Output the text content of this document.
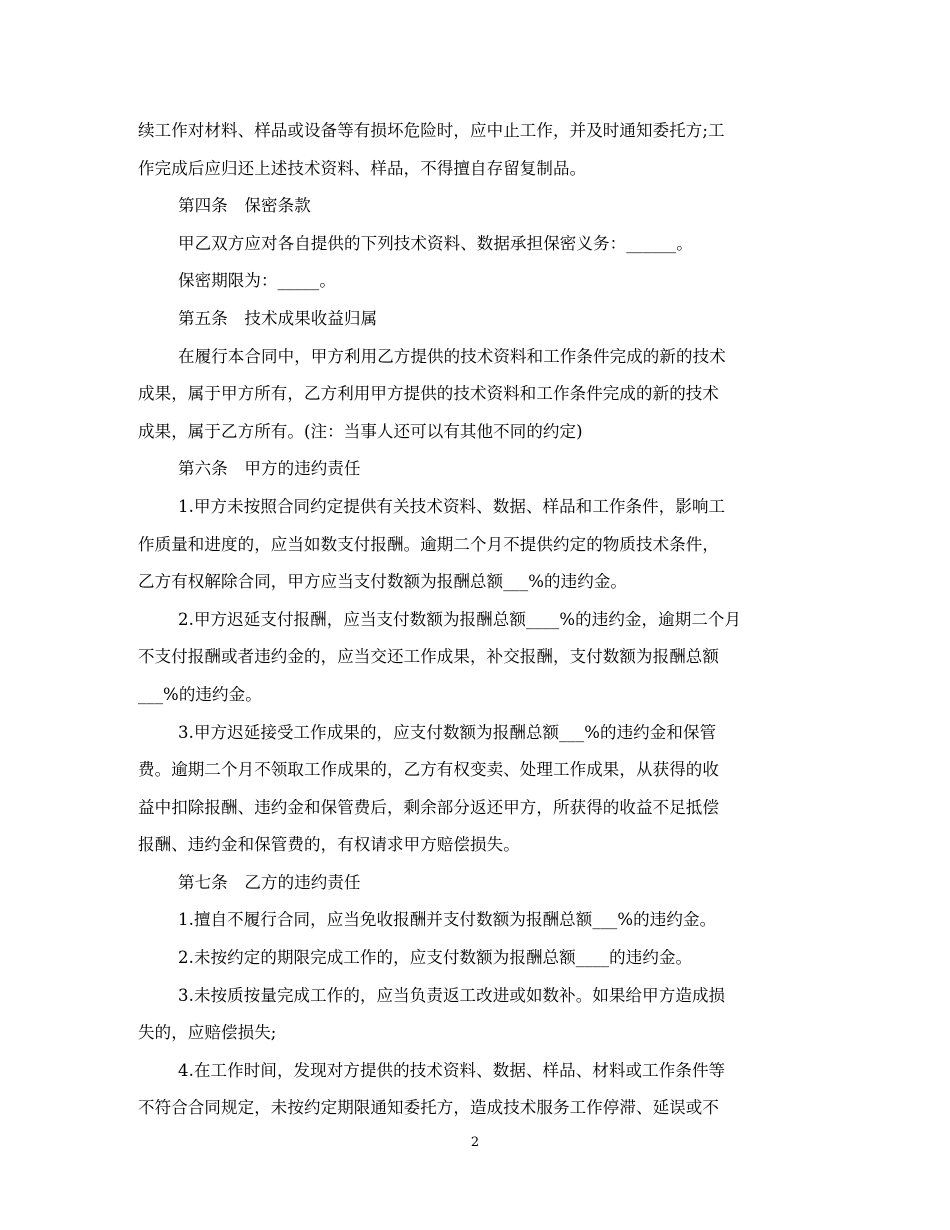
续工作对材料、样品或设备等有损坏危险时，应中止工作，并及时通知委托方;工
作完成后应归还上述技术资料、样品，不得擅自存留复制品。
第四条　保密条款
甲乙双方应对各自提供的下列技术资料、数据承担保密义务：______。
保密期限为：_____。
第五条　技术成果收益归属
在履行本合同中，甲方利用乙方提供的技术资料和工作条件完成的新的技术
成果，属于甲方所有，乙方利用甲方提供的技术资料和工作条件完成的新的技术
成果，属于乙方所有。(注：当事人还可以有其他不同的约定)
第六条　甲方的违约责任
1.甲方未按照合同约定提供有关技术资料、数据、样品和工作条件，影响工
作质量和进度的，应当如数支付报酬。逾期二个月不提供约定的物质技术条件，
乙方有权解除合同，甲方应当支付数额为报酬总额___%的违约金。
2.甲方迟延支付报酬，应当支付数额为报酬总额____%的违约金，逾期二个月
不支付报酬或者违约金的，应当交还工作成果，补交报酬，支付数额为报酬总额
___%的违约金。
3.甲方迟延接受工作成果的，应支付数额为报酬总额___%的违约金和保管
费。逾期二个月不领取工作成果的，乙方有权变卖、处理工作成果，从获得的收
益中扣除报酬、违约金和保管费后，剩余部分返还甲方，所获得的收益不足抵偿
报酬、违约金和保管费的，有权请求甲方赔偿损失。
第七条　乙方的违约责任
1.擅自不履行合同，应当免收报酬并支付数额为报酬总额___%的违约金。
2.未按约定的期限完成工作的，应支付数额为报酬总额____的违约金。
3.未按质按量完成工作的，应当负责返工改进或如数补。如果给甲方造成损
失的，应赔偿损失;
4.在工作时间，发现对方提供的技术资料、数据、样品、材料或工作条件等
不符合合同规定，未按约定期限通知委托方，造成技术服务工作停滞、延误或不
2
